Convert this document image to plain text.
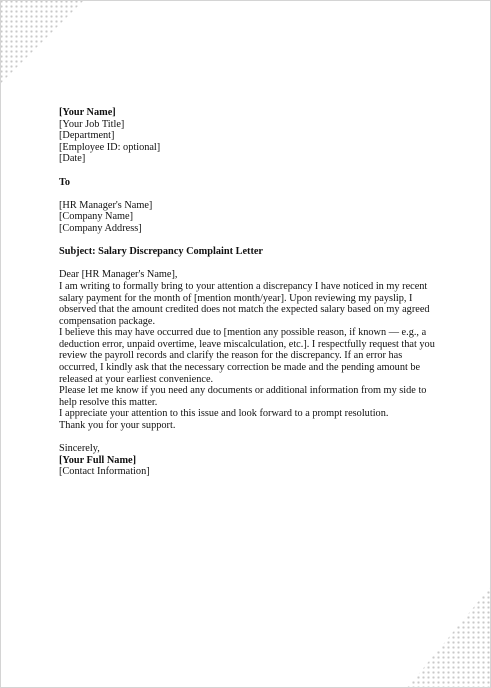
[Your Name]
[Your Job Title]
[Department]
[Employee ID: optional]
[Date]
To
[HR Manager's Name]
[Company Name]
[Company Address]
Subject: Salary Discrepancy Complaint Letter
Dear [HR Manager's Name],

I am writing to formally bring to your attention a discrepancy I have noticed in my recent salary payment for the month of [mention month/year]. Upon reviewing my payslip, I observed that the amount credited does not match the expected salary based on my agreed compensation package.

I believe this may have occurred due to [mention any possible reason, if known — e.g., a deduction error, unpaid overtime, leave miscalculation, etc.]. I respectfully request that you review the payroll records and clarify the reason for the discrepancy. If an error has occurred, I kindly ask that the necessary correction be made and the pending amount be released at your earliest convenience.

Please let me know if you need any documents or additional information from my side to help resolve this matter.

I appreciate your attention to this issue and look forward to a prompt resolution.

Thank you for your support.

Sincerely,
[Your Full Name]
[Contact Information]
